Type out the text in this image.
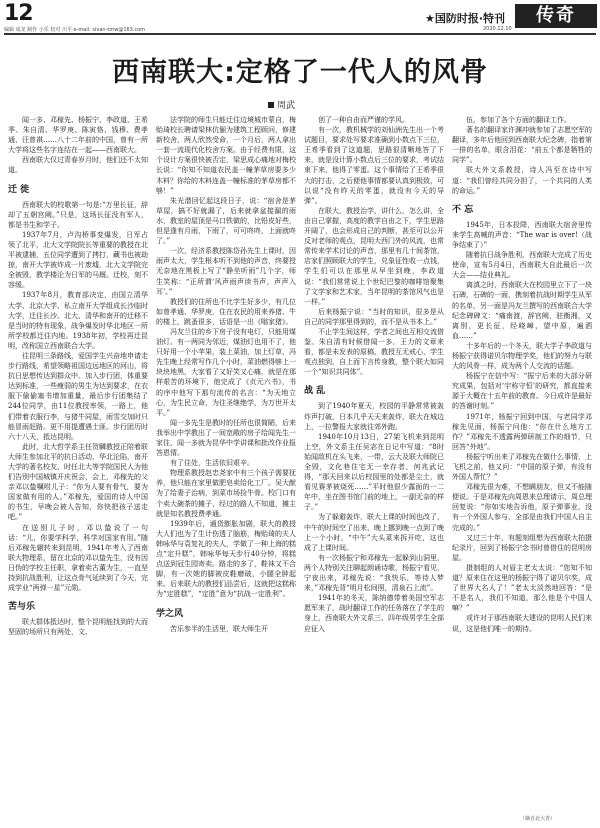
12
编辑 成龙 制作 小乐 校对 川平 e-mail: sivan-tmw@163.com
★国防时报·特刊
2020.12.10
传奇
西南联大:定格了一代人的风骨
周武

闻一多、邓稼先、杨振宁、李政道、王希季、朱自清、华罗庚、陈寅恪、钱穆、费孝通、汪曾祺……八十二年前的中国，曾有一所大学将这些名字连结在一起——西南联大。

西南联大仅过青春岁月时，他们还不太知道。

迁 徙

西南联大的校歌第一句是:“万里长征，辞却了五朝宫阙。”只是，这场长征没有军人，都是书生和学子。

1937年7月，卢沟桥事变爆发，日军占领了北平，北大文学院院长等重要的教授在北平被逮捕，五位同学遭到了拷打，藏书也被劫掠，南开大学被炸成一片废墟，北大文学院完全被毁，教学楼沦为日军的马厩。迁校，刻不容缓。

1937年8月，教育部决定，由国立清华大学、北京大学、私立南开大学组成长沙临时大学，迁往长沙。北大、清华和南开的迁移不是当时的特有现象，战争爆发时华北地区一所所学校都迁往内地。1938年初，学校再迁昆明，改称国立西南联合大学。

往昆明三条路线，爱国学生兴奋地申请走步行路线，希望领略祖国边远地区的河山，将抗日思想传达到群众中。加入步行团，体重要达到标准，一些瘦弱的男生为达到要求，在衣服下偷偷塞书增加重量，最后步行团集结了244位同学，由11位教授率领，一路上，他们带着衣服行李，与猪牛同屋，雨雪交加时只能冒雨赶路。更不用提遭遇土匪。步行团历时六十八天，抵达昆明。

此时，北大哲学系主任贺麟教授正陪着联大师生参加北平的抗日活动，华北沦陷，南开大学的著名校友、时任北大等学院国民人为他们告别中国城镇开庆祝会，会上，邓稼先的父亲邓以蛰嘱咐儿子：“你为人要有骨气，要为国家做有用的人。”邓稼先，爱国的诗人中国的书生，早晚会被人告知，你快把孩子送走吧。”

在送别儿子时，邓以蛰说了一句话：“儿，你要学科学，科学对国家有用。”随后邓稼先辗转来到昆明，1941年考入了西南联大物理系，留在北京的邓以蛰先生，没有因日伪的学校主任职，拿着卖古董为生，一直坚持到抗战胜利，让这点骨气延续到了今天，完成学业“两弹一星”元勋。

苦与乐

联大群体抵达时，整个昆明能找到的大而坚固的场所只有两处，文、

法学院的师生只能迁往边境城市蒙自，梅贻琦校长聘请梁林伉俪为建筑工程顾问，修建新校舍，两人欣然受命，一个月后，两人拿出一套一流现代化校舍方案。由于经费有限，这个设计方案很快被否定，梁思成心痛地对梅校长说：“你知不知道农民盖一幢茅草房要多少木料？你给的木料连盖一幢标准的茅草房都不够！”

朱光潜回忆起这段日子，说：“宿舍是茅草屋，搞不好就漏了，后来就拿盆接漏的雨水，教室的屋顶是马口铁做的，比铅皮好些，但是逢有月雨，下雨了，可可咚咚，上面就咚了。”

一次，经济系教授陈岱孙先生上课时，因雨声太大，学生根本听不到他的声音，终要授无奈地在黑板上写了“静坐听雨”几个字，师生笑称：“正所谓‘风声雨声读书声，声声入耳’。”

教授们的住所也不比学生好多少，有几位如曾孝通、华罗庚，住在农民的用来养猪、牛的楼上，跳蚤很多，话语是一出《嗡家猪》。

冯友兰住的乡下房子没有电灯，只能用煤油灯。有一两同为邻近，煤油灯也用不了，他只好用一个小苹果，装上菜油，加上灯草，冯先生晚上经常写作几个小时，菜油燃得够上一块块地黑，大家看了又好笑又心痛，就是在那样艰苦的环境下，他完成了《贞元六书》，书的序中他写下那句流传的名言：“为天地立心，为生民立命，为往圣继绝学，为万世开太平。”

闻一多先生是教时的任所也很简陋，后来我举出中学教出了一间宽敞的房子给闻先生一家住，闻一多就为昆华中学讲课和批改作业报答恩情。

有了住处，生活依旧艰辛。

物理系教授赵忠尧家中有三个孩子需要抚养，他只能在家里做肥皂卖给化工厂。吴大猷为了给妻子治病，到菜市场捡牛骨。校门口有个卖大碗茶的摊子，经过的路人不知道，摊主就是知名教授费孝通。

1939年后，通货膨胀加剧，联大的教授大人们也为了生计伤透了脑筋，梅贻琦的夫人韩咏华与袁复礼的夫人，学做了一种上海的糕点“定升糕”，韩咏华每天步行40分钟，将糕点送到冠生园寄卖。路走的多了，鞋袜又不合脚，有一次她的脚被皮鞋磨破，小腿全肿起来。后来联大的教授们品尝后，这就把这糕称为“定胜糕”，“定胜”意为“抗战一定胜利”。

学之风

苦乐参半的生活里，联大师生开

创了一种自由而严谨的学风。

有一次，教机械学的刘仙洲先生出一个考试题目，要求处写要求准确到小数点下三位，王希季看到了这道题，思路很清晰地答了下来，就是没计算小数点后三位的要求，考试结束下来，他得了零蛋。这个事情给了王希季很大的打击，之后便他事情都要认真到极致，可以说“没有昨天的零蛋，就没有今天的导弹”。

在联大，教授治学，讲什么，怎么讲，全由自己掌握，高度的教学自由之下，学生思路开阔了，也会形成自己的判断，甚至可以公开反对老师的观点，昆明大西门外的风流，也常常传来学术讨论的声音，那里有几十间茶馆，店家们照顾联大的学生，兑象征性收一点钱，学生们可以在那里从早坐到晚，李政道说：“我们常常说上个世纪巴黎的咖啡馆聚集了文学家和艺术家，当年昆明的茶馆风气也是一样。”

后来杨振宁说：“当时的知识，很多是从自己的同学那里得到的，而不是从书本上。”

不止学生间这样，学者之间也互相交流借鉴。朱自清有时候借闻一多，王力的文章来看，都是未发表的原稿，教授互无戒心，学生观点独到，自上而下言传身教，整个联大如同一个“知识共同体”。

战 乱

到了1940年夏天，校园的平静常常被轰炸声打破，日本几乎天天来轰炸，联大在城边上，一拉警报大家就往郊外跑。

1940年10月13日，27架飞机来到昆明上空，外文系主任吴宓在日记中写道：“8时始闻敌机在头飞来，一带，云大及联大师院已全毁，文化巷住宅无一幸存者，何兆武记得，“那天回来以后校园里的处都是尘土，就看见赛茅被烧死……”平时他很少露面的一二年中，坐在图书馆门前的地上，一副无奈的样子。”

为了躲避轰炸，联大上课的时间也改了，中午的时间空了出来，晚上挪到晚一点到了晚上一个小时，“中午”大头菜来拆开吃，这也成了上课时间。

有一次杨振宁和邓稼先一起躲到山洞里，两个人特别关注聊起朗诵诗歌，杨振宁看见，宁夜出来，邓稼先说：“我快乐，等待人梦来，”邓稼先背“明月松间照，清泉石上流”。

1941年的冬天，陈纳德带着美国空军志愿军来了，战时翻译工作的任务落在了学生的身上，西南联大外文系三、四年级男学生全部应征入

伍，参加了各个方面的翻译工作。

著名的翻译家许渊冲就参加了志愿空军的翻译，多年后他回到西南联大纪念碑，指着第一排的名单，眼含泪花：“前五个都是牺牲的同学”。

联大外文系教授，诗人冯至在诗中写道：“我们曾经共同分担了，一个共同的人类的命运。”

不 忘

1945年，日本投降，西南联大宿舍里传来学生高喊的声音：“The war is over!（战争结束了）”

随着抗日战争胜利，西南联大完成了历史使命，宣布5月4日，西南联大自此最后一次大会——结业典礼。

离滇之时，西南联大在校园里立下了一块石碑，石碑的一面，携刻着抗战时期学生从军的名单，另一面是冯友兰撰写的西南联合大学纪念碑碑文：“痛南渡，辞宫阙，驻衡湘，又离别，更长征，经峣嶂，望中原，遍洒血……”

十多年后的一个冬天，联大学子李政道与杨振宁获得诺贝尔物理学奖，他们的努力与联大的风骨一样，成为两个人交流的话题。

杨振宁在信中写：“振宁后来的大部分研究成果，包括对‘宇称守恒’的研究，都直接来源于大概在十五年前的教育。今日成许是最好的答谢时刻。”

1971年，杨振宁回到中国，与老同学邓稼先见面，杨振宁问他：“你在什么地方工作？”邓稼先不透露两弹研制工作的细节，只回答“外地”。

杨振宁听出来了邓稼先在做什么事情，上飞机之前，他又问：“中国的原子弹，有没有外国人帮忙？”

邓稼先很为难，不想瞒朋友，但又不能随便说。于是邓稼先向周恩来总理请示，周总理回复说：“你如实地告诉他，原子弹事业，没有一个外国人参与，全部是由我们中国人自主完成的。”

又过三十年，有题刻组想为西南联大拍摄纪录片，回到了杨振宁念书时曾借住的昆明房屋。

摄制组的人对眉主老太太说：“您知不知道？原来住在这里的杨振宁得了诺贝尔奖，成了世界大名人了！”老太太淡然地回答：“是不是名人，我们不知道，那么他是个中国人嘛？”

或许对于那西南联大建设的昆明人民们来说，这是他们唯一的期待。

（摘自北大青）
